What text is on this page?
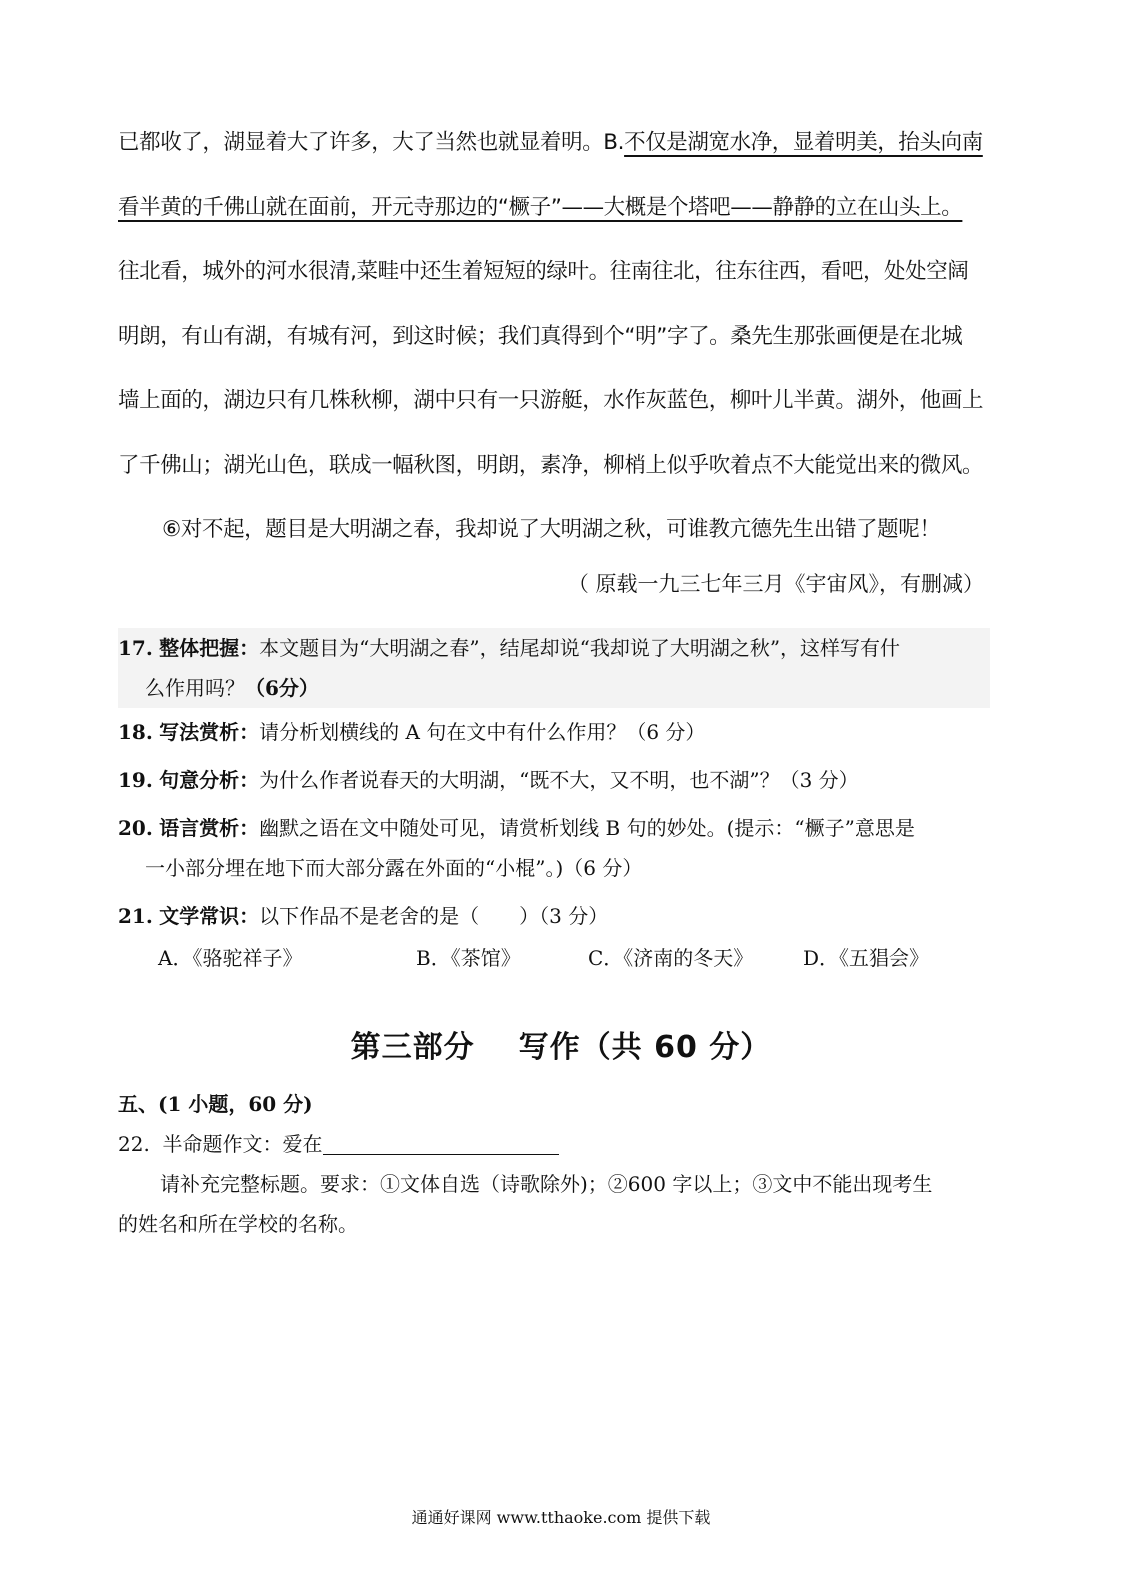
已都收了，湖显着大了许多，大了当然也就显着明。B.不仅是湖宽水净，显着明美，抬头向南
看半黄的千佛山就在面前，开元寺那边的“橛子”——大概是个塔吧——静静的立在山头上。
往北看，城外的河水很清,菜畦中还生着短短的绿叶。往南往北，往东往西，看吧，处处空阔
明朗，有山有湖，有城有河，到这时候；我们真得到个“明”字了。桑先生那张画便是在北城
墙上面的，湖边只有几株秋柳，湖中只有一只游艇，水作灰蓝色，柳叶儿半黄。湖外，他画上
了千佛山；湖光山色，联成一幅秋图，明朗，素净，柳梢上似乎吹着点不大能觉出来的微风。
⑥对不起，题目是大明湖之春，我却说了大明湖之秋，可谁教亢德先生出错了题呢！
（ 原载一九三七年三月《宇宙风》，有删减）
17. 整体把握：本文题目为“大明湖之春”，结尾却说“我却说了大明湖之秋”，这样写有什
么作用吗？（6分）
18. 写法赏析：请分析划横线的 A 句在文中有什么作用？（6 分）
19. 句意分析：为什么作者说春天的大明湖，“既不大，又不明，也不湖”？（3 分）
20. 语言赏析：幽默之语在文中随处可见，请赏析划线 B 句的妙处。(提示：“橛子”意思是
一小部分埋在地下而大部分露在外面的“小棍”。)（6 分）
21. 文学常识：以下作品不是老舍的是（　　）（3 分）
A．《骆驼祥子》	B．《茶馆》	C．《济南的冬天》 D．《五猖会》
第三部分 写作（共 60 分）
五、(1 小题，60 分)
22. 半命题作文：爱在
请补充完整标题。要求：①文体自选（诗歌除外)；②600 字以上；③文中不能出现考生
的姓名和所在学校的名称。
通通好课网 www.tthaoke.com 提供下载
